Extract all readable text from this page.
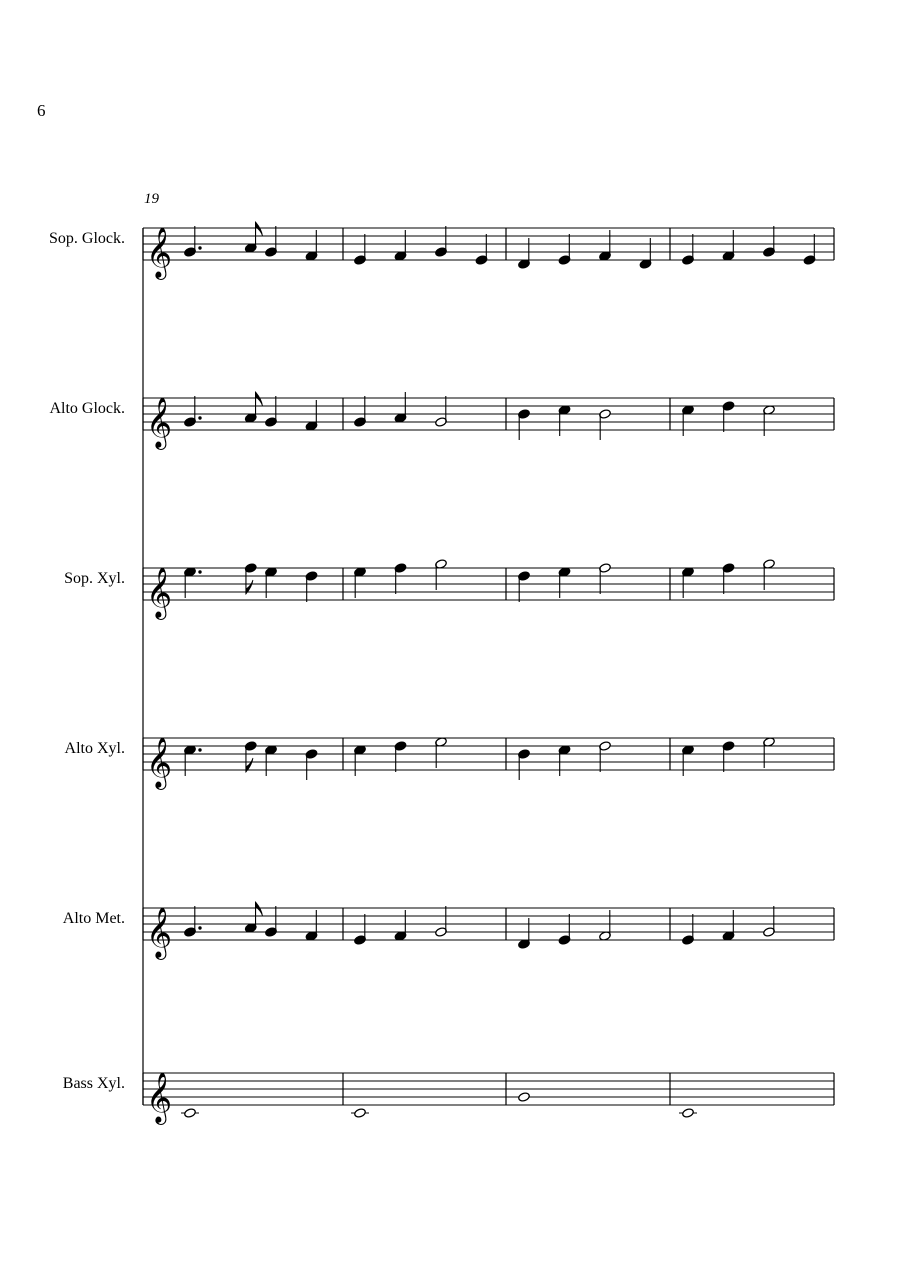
6
19
Sop. Glock.
Alto Glock.
Sop. Xyl.
Alto Xyl.
Alto Met.
Bass Xyl.
𝄞
𝄞
𝄞
𝄞
𝄞
𝄞
